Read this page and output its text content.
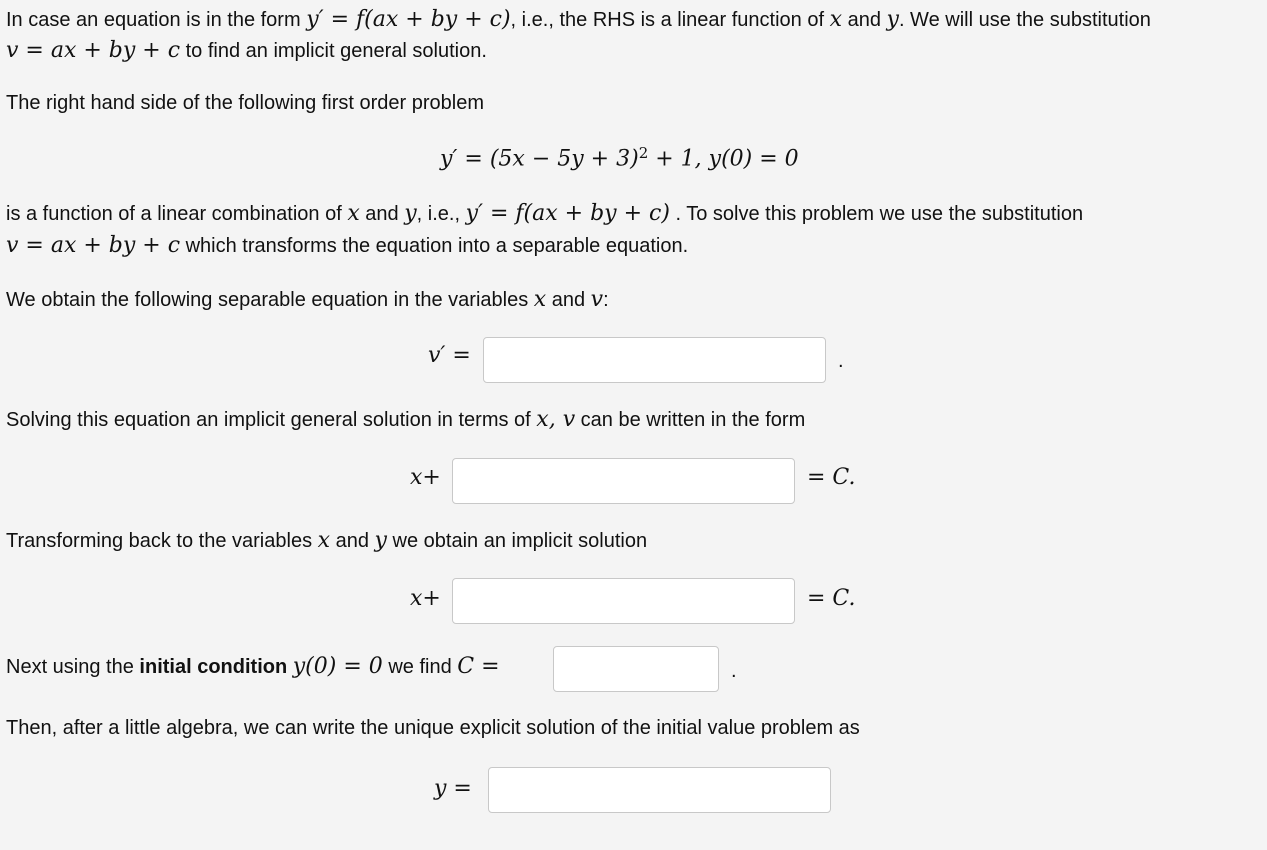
In case an equation is in the form y′ = f(ax + by + c), i.e., the RHS is a linear function of x and y. We will use the substitution
v = ax + by + c to find an implicit general solution.
The right hand side of the following first order problem
$y' = (5x - 5y + 3)^2 + 1$, y(0) = 0
is a function of a linear combination of x and y, i.e., y′ = f(ax + by + c) . To solve this problem we use the substitution
v = ax + by + c which transforms the equation into a separable equation.
We obtain the following separable equation in the variables x and v:
v′ =	.
Solving this equation an implicit general solution in terms of x, v can be written in the form
x+	= C.
Transforming back to the variables x and y we obtain an implicit solution
x+	= C.
Next using the initial condition y(0) = 0 we find C =	.
Then, after a little algebra, we can write the unique explicit solution of the initial value problem as
y =
